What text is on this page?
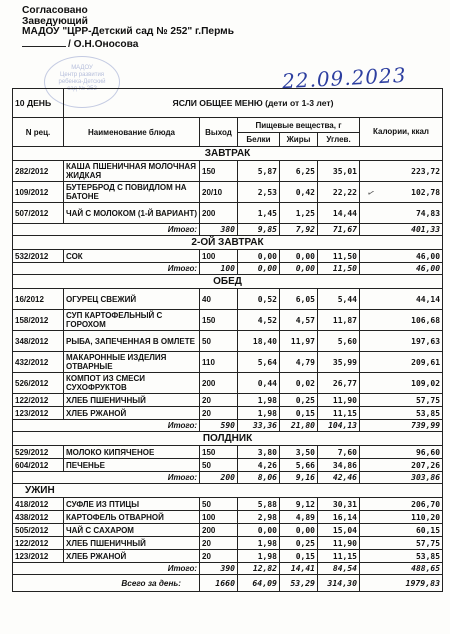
Согласовано
Заведующий
МАДОУ "ЦРР-Детский сад № 252" г.Пермь
/ О.Н.Оносова
МАДОУ
Центр развития
ребенка-Детский
сад № 252	22.09.2023
✓
10 ДЕНЬ	ЯСЛИ ОБЩЕЕ МЕНЮ (дети от 1-3 лет)					
N рец.	Наименование блюда	Выход	Пищевые вещества, г			Калории, ккал
			Белки	Жиры	Углев.	
ЗАВТРАК						
282/2012	КАША ПШЕНИЧНАЯ МОЛОЧНАЯ ЖИДКАЯ	150	5,87	6,25	35,01	223,72
109/2012	БУТЕРБРОД С ПОВИДЛОМ НА БАТОНЕ	20/10	2,53	0,42	22,22	102,78
507/2012	ЧАЙ С МОЛОКОМ (1-Й ВАРИАНТ)	200	1,45	1,25	14,44	74,83
Итого:		380	9,85	7,92	71,67	401,33
2-ОЙ ЗАВТРАК						
532/2012	СОК	100	0,00	0,00	11,50	46,00
Итого:		100	0,00	0,00	11,50	46,00
ОБЕД						
16/2012	ОГУРЕЦ СВЕЖИЙ	40	0,52	6,05	5,44	44,14
158/2012	СУП КАРТОФЕЛЬНЫЙ С ГОРОХОМ	150	4,52	4,57	11,87	106,68
348/2012	РЫБА, ЗАПЕЧЕННАЯ В ОМЛЕТЕ	50	18,40	11,97	5,60	197,63
432/2012	МАКАРОННЫЕ ИЗДЕЛИЯ ОТВАРНЫЕ	110	5,64	4,79	35,99	209,61
526/2012	КОМПОТ ИЗ СМЕСИ СУХОФРУКТОВ	200	0,44	0,02	26,77	109,02
122/2012	ХЛЕБ ПШЕНИЧНЫЙ	20	1,98	0,25	11,90	57,75
123/2012	ХЛЕБ РЖАНОЙ	20	1,98	0,15	11,15	53,85
Итого:		590	33,36	21,80	104,13	739,99
ПОЛДНИК						
529/2012	МОЛОКО КИПЯЧЕНОЕ	150	3,80	3,50	7,60	96,60
604/2012	ПЕЧЕНЬЕ	50	4,26	5,66	34,86	207,26
Итого:		200	8,06	9,16	42,46	303,86
УЖИН						
418/2012	СУФЛЕ ИЗ ПТИЦЫ	50	5,88	9,12	30,31	206,70
438/2012	КАРТОФЕЛЬ ОТВАРНОЙ	100	2,98	4,89	16,14	110,20
505/2012	ЧАЙ С САХАРОМ	200	0,00	0,00	15,04	60,15
122/2012	ХЛЕБ ПШЕНИЧНЫЙ	20	1,98	0,25	11,90	57,75
123/2012	ХЛЕБ РЖАНОЙ	20	1,98	0,15	11,15	53,85
Итого:		390	12,82	14,41	84,54	488,65
Всего за день:		1660	64,09	53,29	314,30	1979,83
